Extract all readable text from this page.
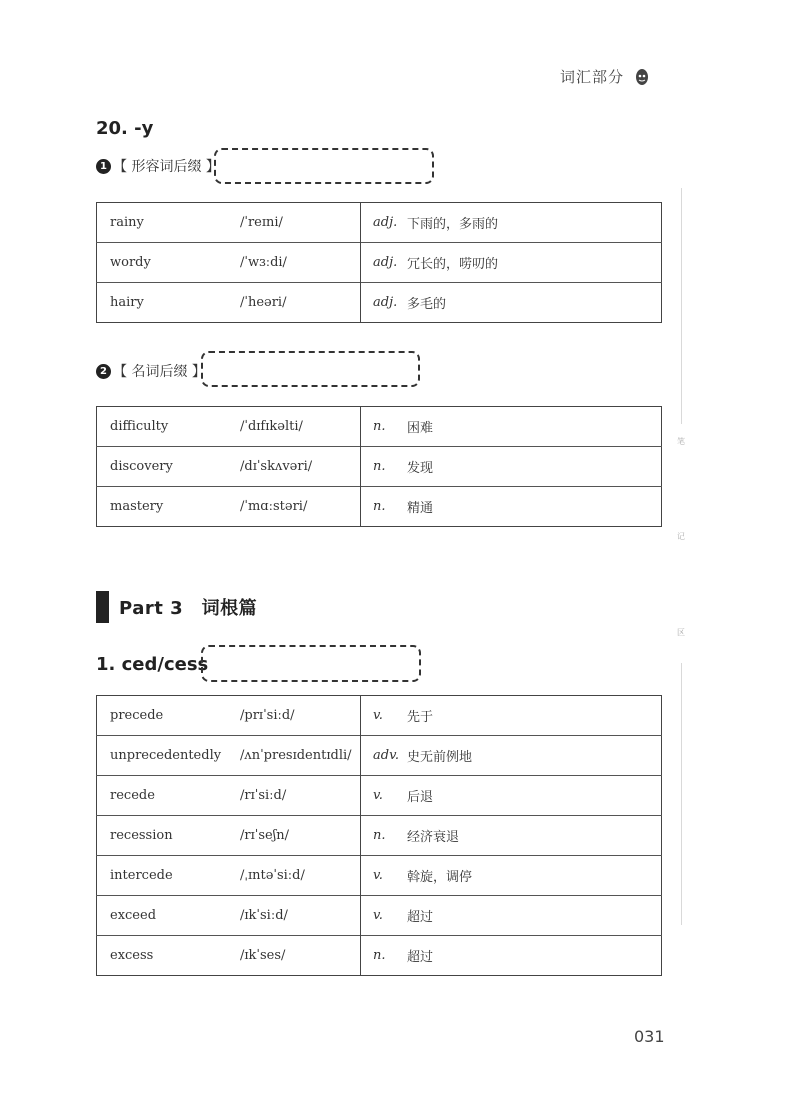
词汇部分
笔
记
区
20. -y
1 【 形容词后缀 】
rainy	/ˈreɪni/	adj.	下雨的，多雨的
wordy	/ˈwɜːdi/	adj.	冗长的，唠叨的
hairy	/ˈheəri/	adj.	多毛的
2 【 名词后缀 】
difficulty	/ˈdɪfɪkəlti/	n.	困难
discovery	/dɪˈskʌvəri/	n.	发现
mastery	/ˈmɑːstəri/	n.	精通
Part 3　词根篇
1. ced/cess
precede	/prɪˈsiːd/	v.	先于
unprecedentedly	/ʌnˈpresɪdentɪdli/	adv.	史无前例地
recede	/rɪˈsiːd/	v.	后退
recession	/rɪˈseʃn/	n.	经济衰退
intercede	/ˌɪntəˈsiːd/	v.	斡旋，调停
exceed	/ɪkˈsiːd/	v.	超过
excess	/ɪkˈses/	n.	超过
031
